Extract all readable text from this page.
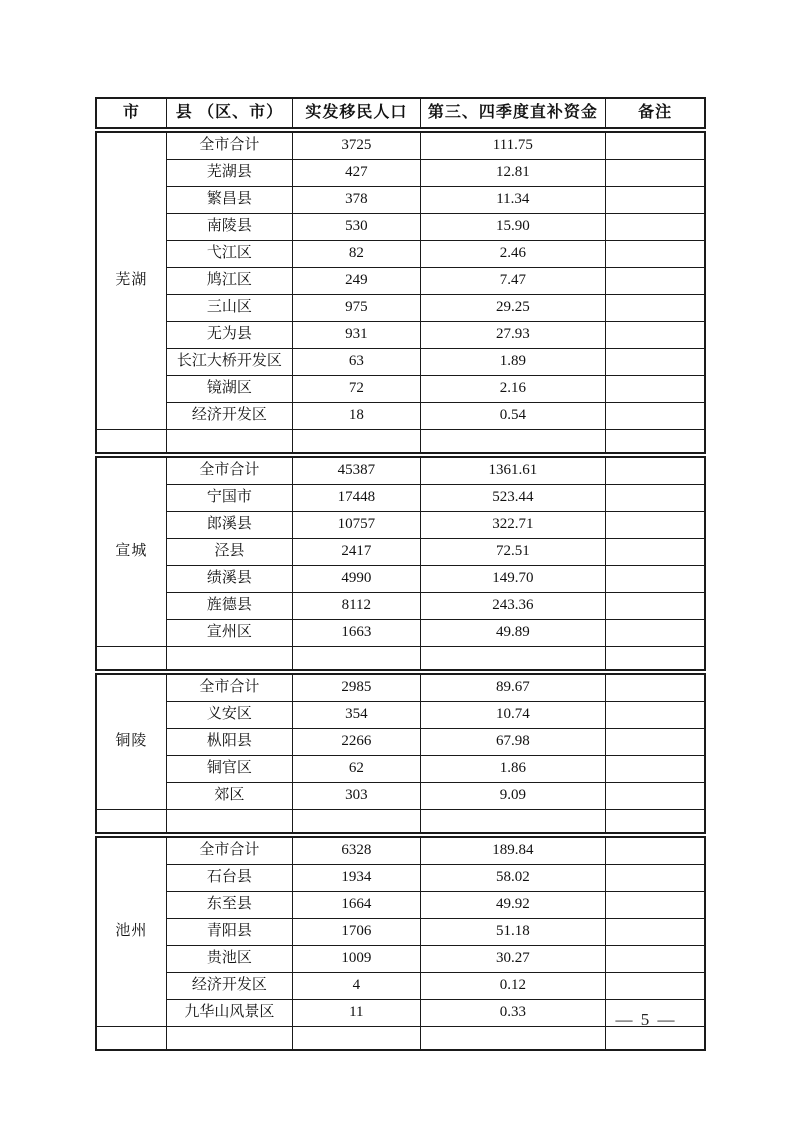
市	县 （区、市）	实发移民人口	第三、四季度直补资金	备注
芜湖	全市合计	3725	111.75	
	芜湖县	427	12.81	
	繁昌县	378	11.34	
	南陵县	530	15.90	
	弋江区	82	2.46	
	鸠江区	249	7.47	
	三山区	975	29.25	
	无为县	931	27.93	
	长江大桥开发区	63	1.89	
	镜湖区	72	2.16	
	经济开发区	18	0.54	

宣城	全市合计	45387	1361.61	
	宁国市	17448	523.44	
	郎溪县	10757	322.71	
	泾县	2417	72.51	
	绩溪县	4990	149.70	
	旌德县	8112	243.36	
	宣州区	1663	49.89	

铜陵	全市合计	2985	89.67	
	义安区	354	10.74	
	枞阳县	2266	67.98	
	铜官区	62	1.86	
	郊区	303	9.09	

池州	全市合计	6328	189.84	
	石台县	1934	58.02	
	东至县	1664	49.92	
	青阳县	1706	51.18	
	贵池区	1009	30.27	
	经济开发区	4	0.12	
	九华山风景区	11	0.33	
					— 5 —
